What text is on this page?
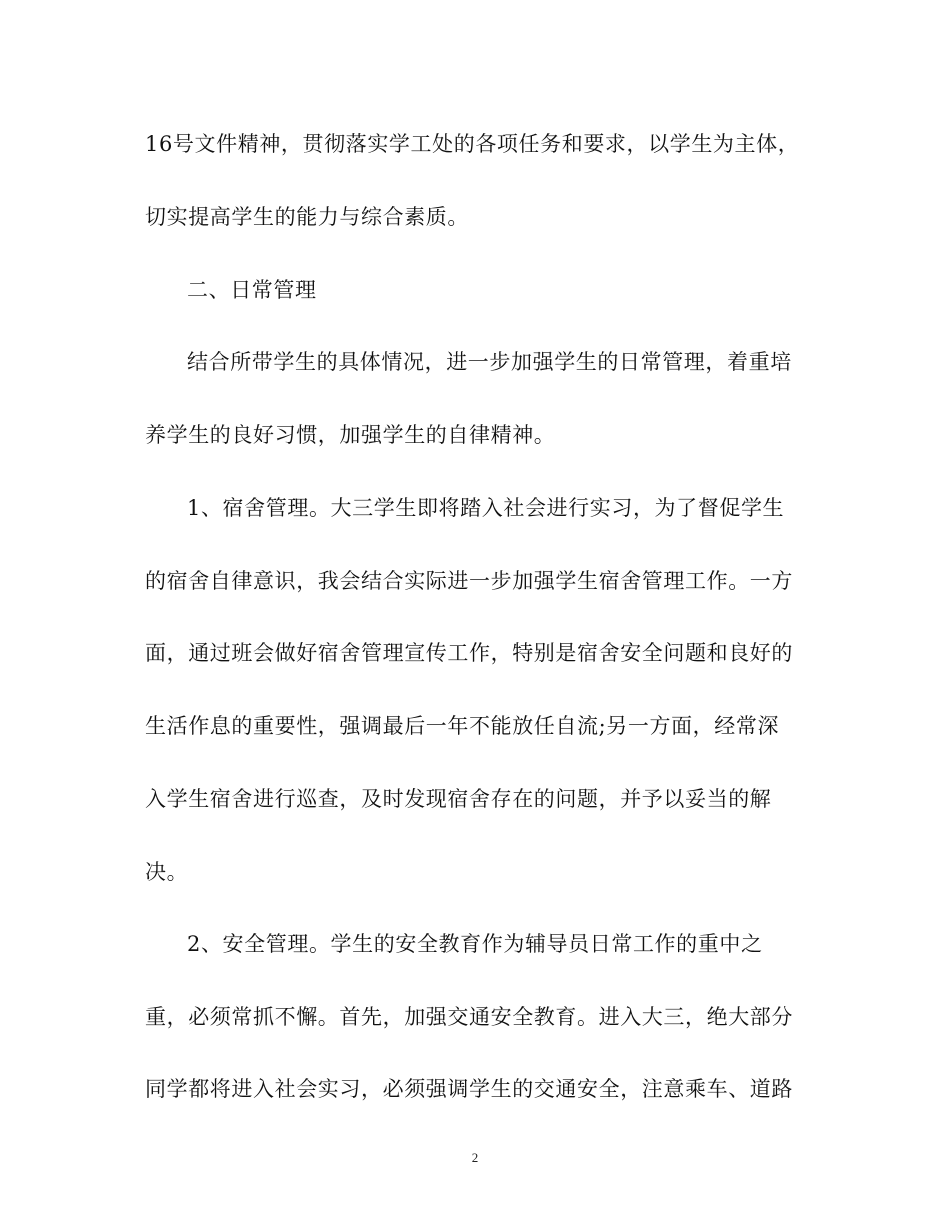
16号文件精神，贯彻落实学工处的各项任务和要求，以学生为主体，
切实提高学生的能力与综合素质。
二、日常管理
结合所带学生的具体情况，进一步加强学生的日常管理，着重培
养学生的良好习惯，加强学生的自律精神。
1、宿舍管理。大三学生即将踏入社会进行实习，为了督促学生
的宿舍自律意识，我会结合实际进一步加强学生宿舍管理工作。一方
面，通过班会做好宿舍管理宣传工作，特别是宿舍安全问题和良好的
生活作息的重要性，强调最后一年不能放任自流;另一方面，经常深
入学生宿舍进行巡查，及时发现宿舍存在的问题，并予以妥当的解
决。
2、安全管理。学生的安全教育作为辅导员日常工作的重中之
重，必须常抓不懈。首先，加强交通安全教育。进入大三，绝大部分
同学都将进入社会实习，必须强调学生的交通安全，注意乘车、道路
2
